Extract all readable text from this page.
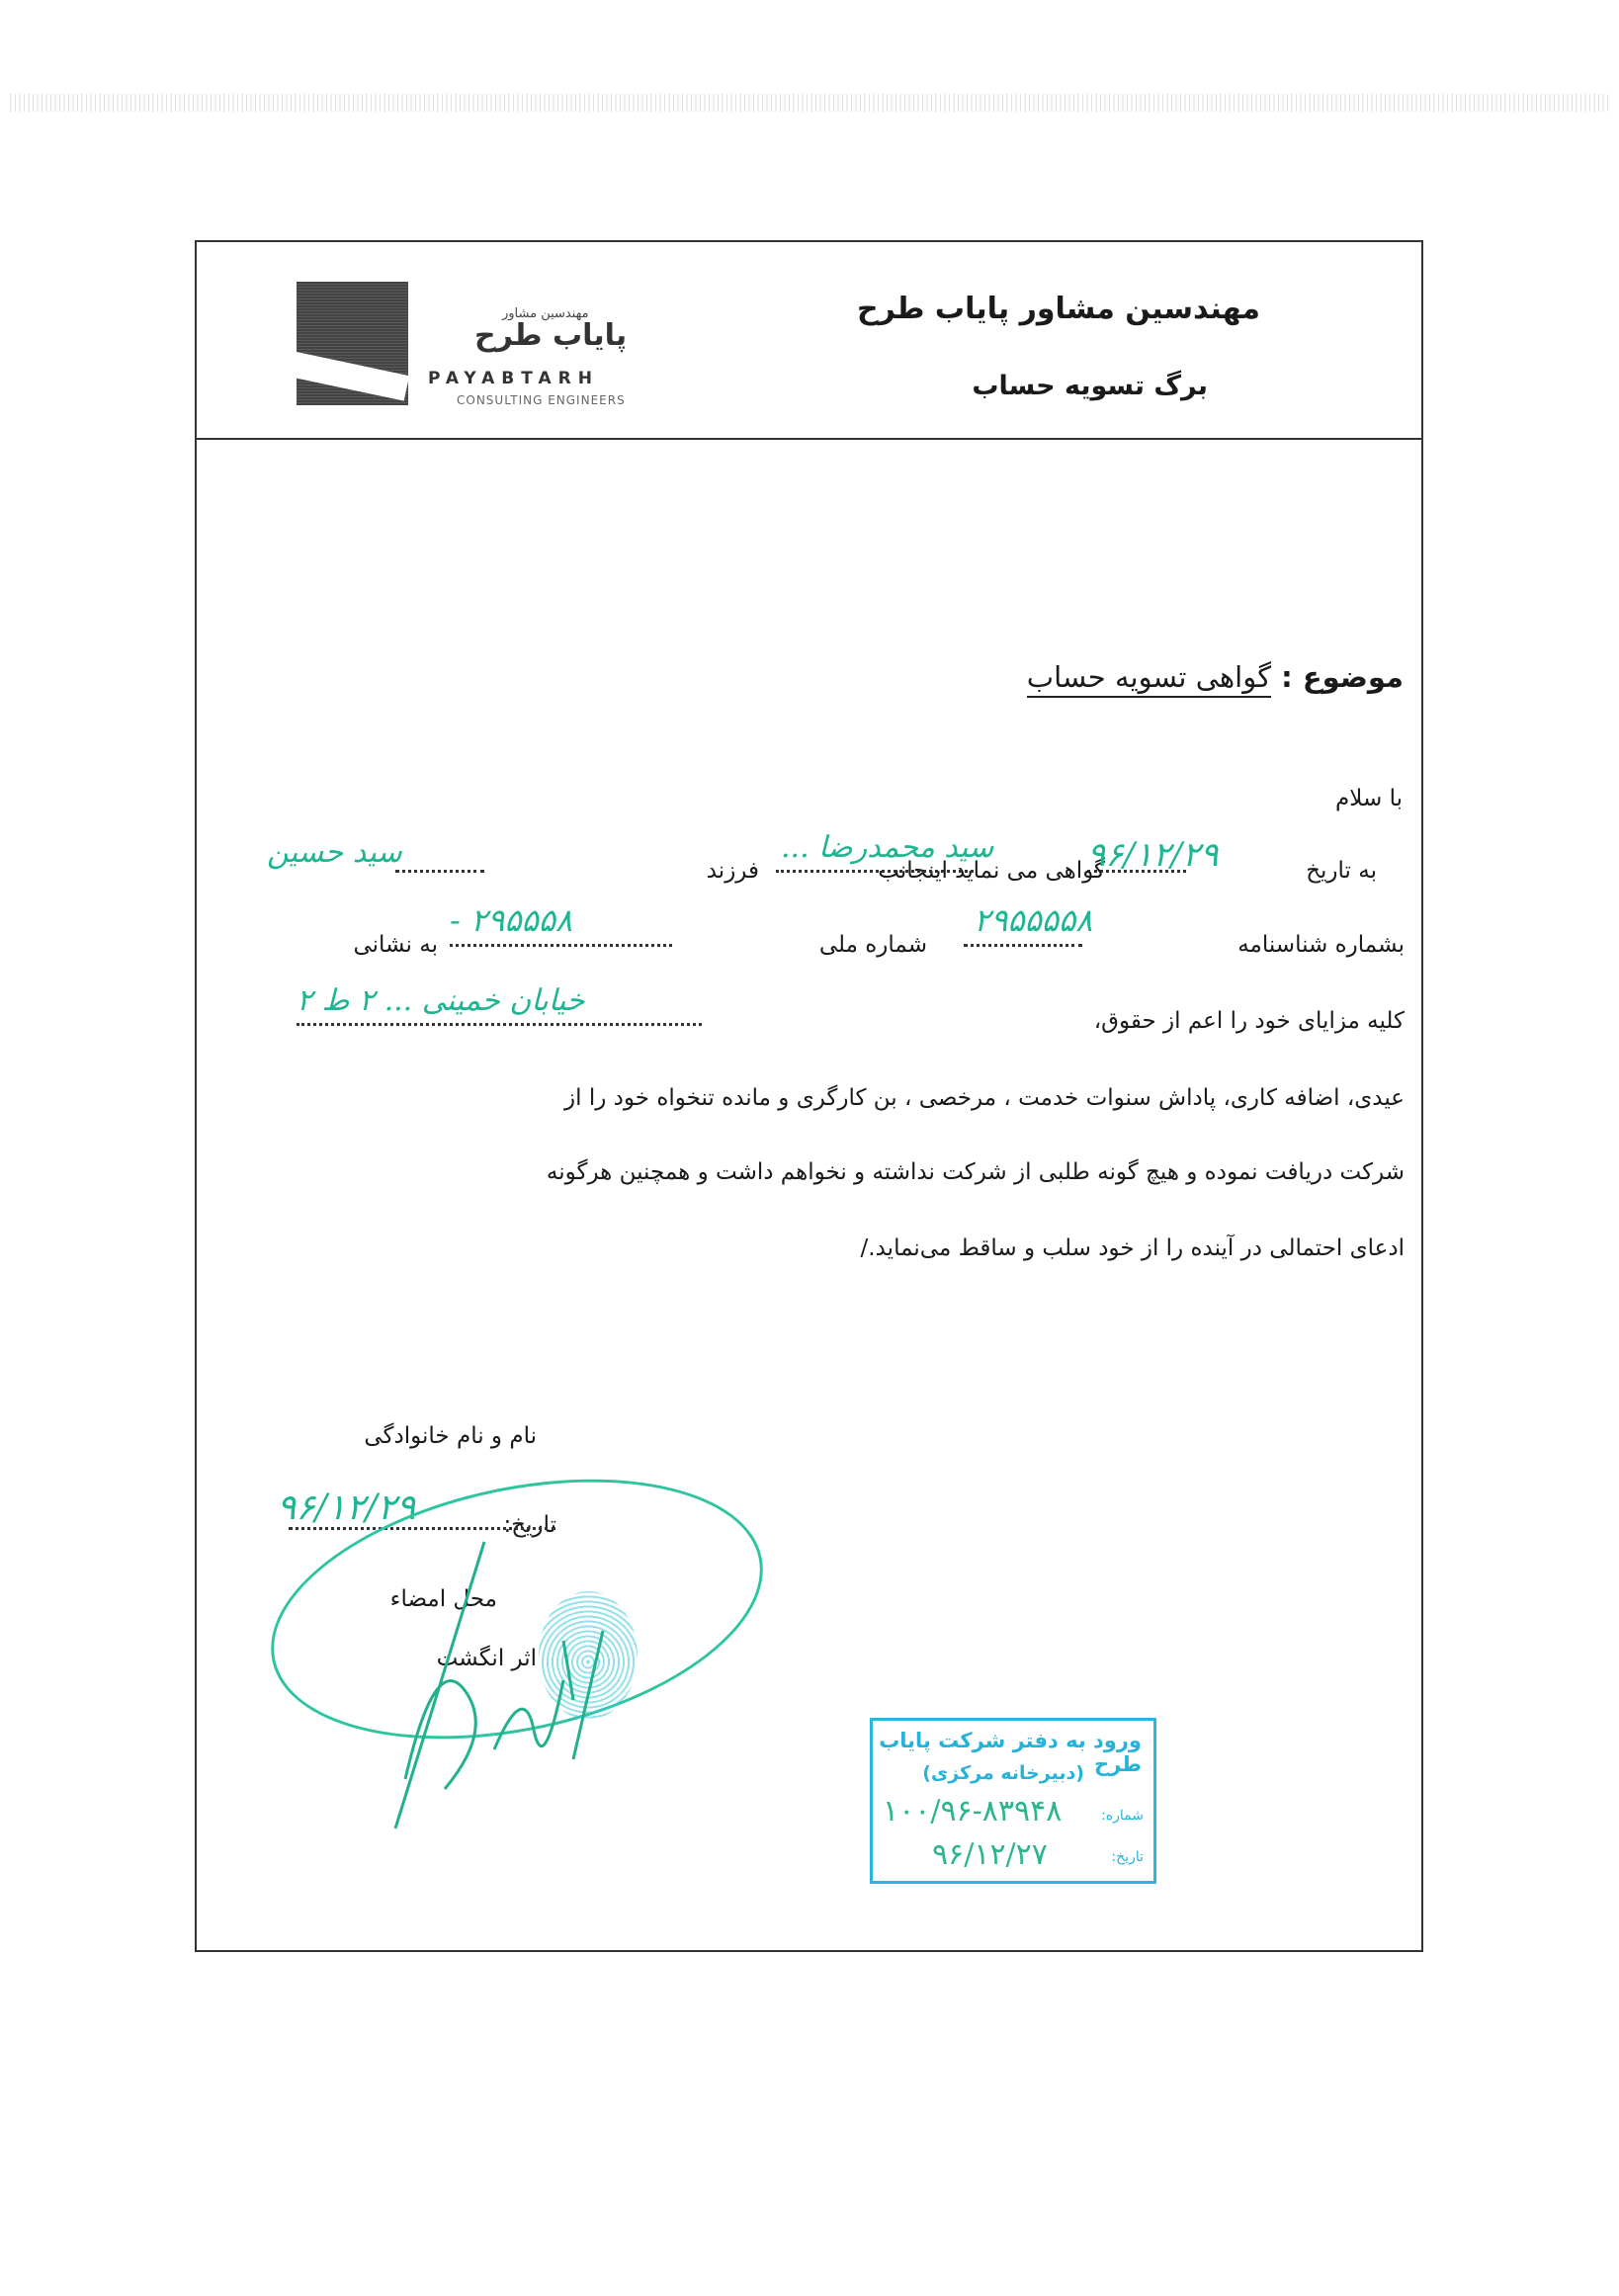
مهندسین مشاور
پایاب طرح
PAYABTARH
CONSULTING ENGINEERS
مهندسین مشاور پایاب طرح
برگ تسویه حساب
موضوع : گواهی تسویه حساب
با سلام
به تاریخ
گواهی می نماید اینجانب
فرزند	۹۶/۱۲/۲۹
سید محمدرضا ...
سید حسین
بشماره شناسنامه
شماره ملی
به نشانی
۲۹۵۵۵۵۸
۲۹۵۵۵۸ -
کلیه مزایای خود را اعم از حقوق،
خیابان خمینی ... ۲ ط ۲
عیدی، اضافه کاری، پاداش سنوات خدمت ، مرخصی ، بن کارگری و مانده تنخواه خود را از
شرکت دریافت نموده و هیچ گونه طلبی از شرکت نداشته و نخواهم داشت و همچنین هرگونه
ادعای احتمالی در آینده را از خود سلب و ساقط می‌نماید./
نام و نام خانوادگی
تاریخ:
۹۶/۱۲/۲۹
محل امضاء
اثر انگشت
ورود به دفتر شرکت پایاب طرح
(دبیرخانه مرکزی)
شماره:
۱۰۰/۹۶-۸۳۹۴۸
تاریخ:
۹۶/۱۲/۲۷
